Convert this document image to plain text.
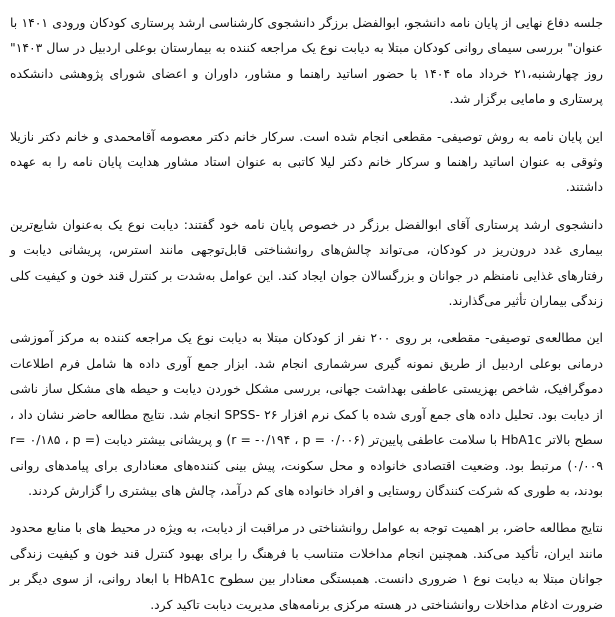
جلسه دفاع نهایی از پایان نامه دانشجو، ابوالفضل برزگر دانشجوی کارشناسی ارشد پرستاری کودکان ورودی ۱۴۰۱ با عنوان" بررسی سیمای روانی کودکان مبتلا به دیابت نوع یک مراجعه کننده به بیمارستان بوعلی اردبیل در سال ۱۴۰۳" روز چهارشنبه،۲۱ خرداد ماه ۱۴۰۴ با حضور اساتید راهنما و مشاور، داوران و اعضای شورای پژوهشی دانشکده پرستاری و مامایی برگزار شد.

این پایان نامه به روش توصیفی- مقطعی انجام شده است. سرکار خانم دکتر معصومه آقامحمدی و خانم دکتر نازیلا وثوقی به عنوان اساتید راهنما و سرکار خانم دکتر لیلا کاتبی به عنوان استاد مشاور هدایت پایان نامه را به عهده داشتند.

دانشجوی ارشد پرستاری آقای ابوالفضل برزگر در خصوص پایان نامه خود گفتند: دیابت نوع یک به‌عنوان شایع‌ترین بیماری غدد درون‌ریز در کودکان، می‌تواند چالش‌های روانشناختی قابل‌توجهی مانند استرس، پریشانی دیابت و رفتارهای غذایی نامنظم در جوانان و بزرگسالان جوان ایجاد کند. این عوامل به‌شدت بر کنترل قند خون و کیفیت کلی زندگی بیماران تأثیر می‌گذارند.

این مطالعه‌ی توصیفی- مقطعی، بر روی ۲۰۰ نفر از کودکان مبتلا به دیابت نوع یک مراجعه کننده به مرکز آموزشی درمانی بوعلی اردبیل از طریق نمونه گیری سرشماری انجام شد. ابزار جمع آوری داده ها شامل فرم اطلاعات دموگرافیک، شاخص بهزیستی عاطفی بهداشت جهانی، بررسی مشکل خوردن دیابت و حیطه های مشکل ساز ناشی از دیابت بود. تحلیل داده های جمع آوری شده با کمک نرم افزار SPSS- ۲۶ انجام شد. نتایج مطالعه حاضر نشان داد ، سطح بالاتر HbA1c با سلامت عاطفی پایین‌تر (r = -۰/۱۹۴ ، p = ۰/۰۰۶) و پریشانی بیشتر دیابت (r= ۰/۱۸۵ ، p = ۰/۰۰۹) مرتبط بود. وضعیت اقتصادی خانواده و محل سکونت، پیش بینی کننده‌های معناداری برای پیامدهای روانی بودند، به طوری که شرکت کنندگان روستایی و افراد خانواده های کم درآمد، چالش های بیشتری را گزارش کردند.

نتایج مطالعه حاضر، بر اهمیت توجه به عوامل روانشناختی در مراقبت از دیابت، به ویژه در محیط های با منابع محدود مانند ایران، تأکید می‌کند. همچنین انجام مداخلات متناسب با فرهنگ را برای بهبود کنترل قند خون و کیفیت زندگی جوانان مبتلا به دیابت نوع ۱ ضروری دانست. همبستگی معنادار بین سطوح HbA1c با ابعاد روانی، از سوی دیگر بر ضرورت ادغام مداخلات روانشناختی در هسته مرکزی برنامه‌های مدیریت دیابت تاکید کرد.
